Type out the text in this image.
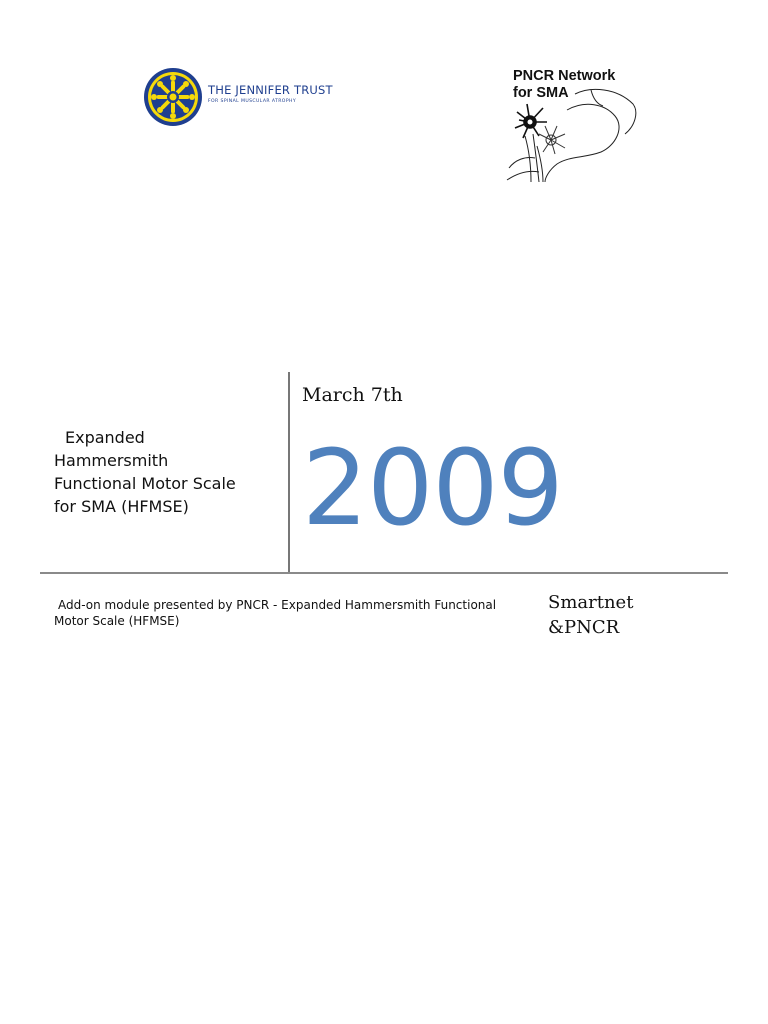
THE JENNIFER TRUST
FOR SPINAL MUSCULAR ATROPHY
PNCR Network
for SMA
Expanded
Hammersmith
Functional Motor Scale
for SMA (HFMSE)
March 7th
2009
Add-on module presented by PNCR - Expanded Hammersmith Functional
Motor Scale (HFMSE)
Smartnet
&PNCR
